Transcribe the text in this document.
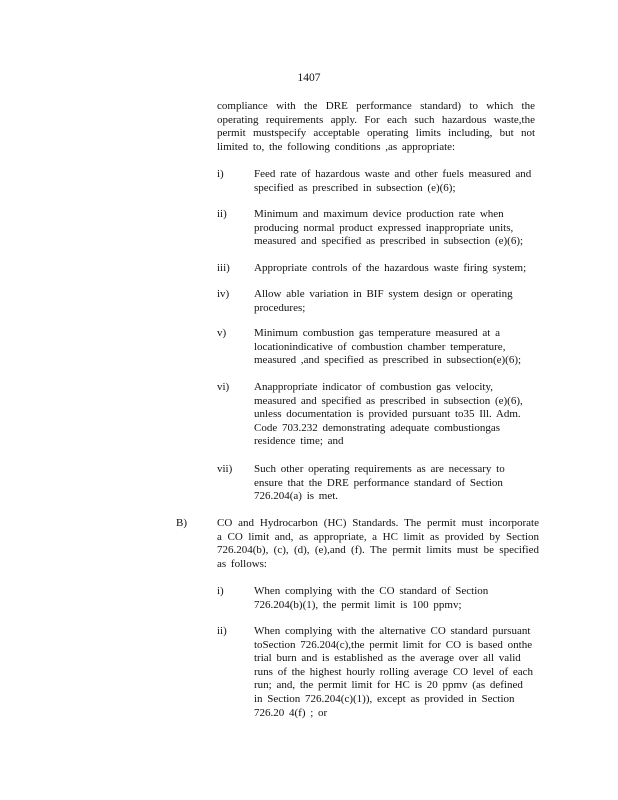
1407
compliance with the DRE performance standard) to which the operating requirements apply. For each such hazardous waste,the permit mustspecify acceptable operating limits including, but not limited to, the following conditions ,as appropriate:
i)	Feed rate of hazardous waste and other fuels measured and specified as prescribed in subsection (e)(6);
ii)	Minimum and maximum device production rate when producing normal product expressed inappropriate units, measured and specified as prescribed in subsection (e)(6);
iii)	Appropriate controls of the hazardous waste firing system;
iv)	Allow able variation in BIF system design or operating procedures;
v)	Minimum combustion gas temperature measured at a locationindicative of combustion chamber temperature, measured ,and specified as prescribed in subsection(e)(6);
vi)	Anappropriate indicator of combustion gas velocity, measured and specified as prescribed in subsection (e)(6), unless documentation is provided pursuant to35 Ill. Adm. Code 703.232 demonstrating adequate combustiongas residence time; and
vii)	Such other operating requirements as are necessary to ensure that the DRE performance standard of Section 726.204(a) is met.
B)	CO and Hydrocarbon (HC) Standards. The permit must incorporate a CO limit and, as appropriate, a HC limit as provided by Section 726.204(b), (c), (d), (e),and (f). The permit limits must be specified as follows:
i)	When complying with the CO standard of Section 726.204(b)(1), the permit limit is 100 ppmv;
ii)	When complying with the alternative CO standard pursuant toSection 726.204(c),the permit limit for CO is based onthe trial burn and is established as the average over all valid runs of the highest hourly rolling average CO level of each run; and, the permit limit for HC is 20 ppmv (as defined in Section 726.204(c)(1)), except as provided in Section 726.20 4(f) ; or
